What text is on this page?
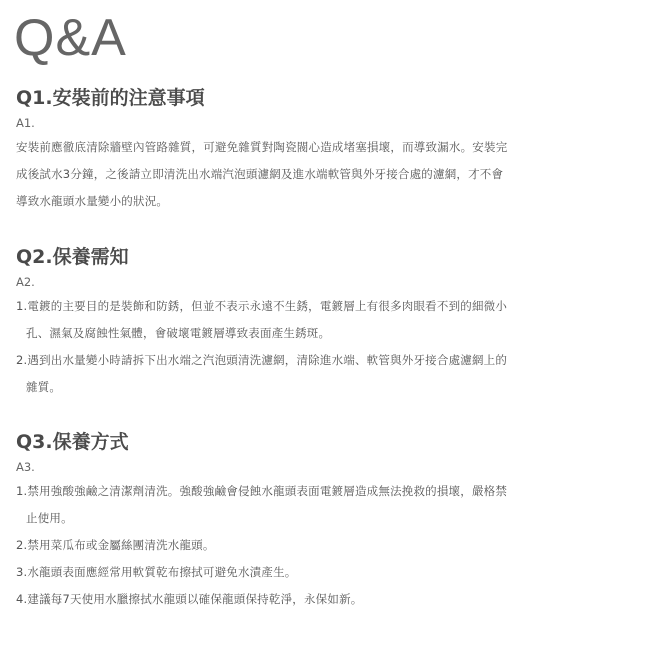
Q&A
Q1.安裝前的注意事項
A1.
安裝前應徹底清除牆壁內管路雜質，可避免雜質對陶瓷閥心造成堵塞損壞，而導致漏水。安裝完
成後試水3分鐘，之後請立即清洗出水端汽泡頭濾網及進水端軟管與外牙接合處的濾網，才不會
導致水龍頭水量變小的狀況。
Q2.保養需知
A2.
1.電鍍的主要目的是裝飾和防銹，但並不表示永遠不生銹，電鍍層上有很多肉眼看不到的細微小
孔、濕氣及腐蝕性氣體，會破壞電鍍層導致表面產生銹斑。
2.遇到出水量變小時請拆下出水端之汽泡頭清洗濾網，清除進水端、軟管與外牙接合處濾網上的
雜質。
Q3.保養方式
A3.
1.禁用強酸強鹼之清潔劑清洗。強酸強鹼會侵蝕水龍頭表面電鍍層造成無法挽救的損壞，嚴格禁
止使用。
2.禁用菜瓜布或金屬絲團清洗水龍頭。
3.水龍頭表面應經常用軟質乾布擦拭可避免水漬產生。
4.建議每7天使用水臘擦拭水龍頭以確保龍頭保持乾淨，永保如新。
